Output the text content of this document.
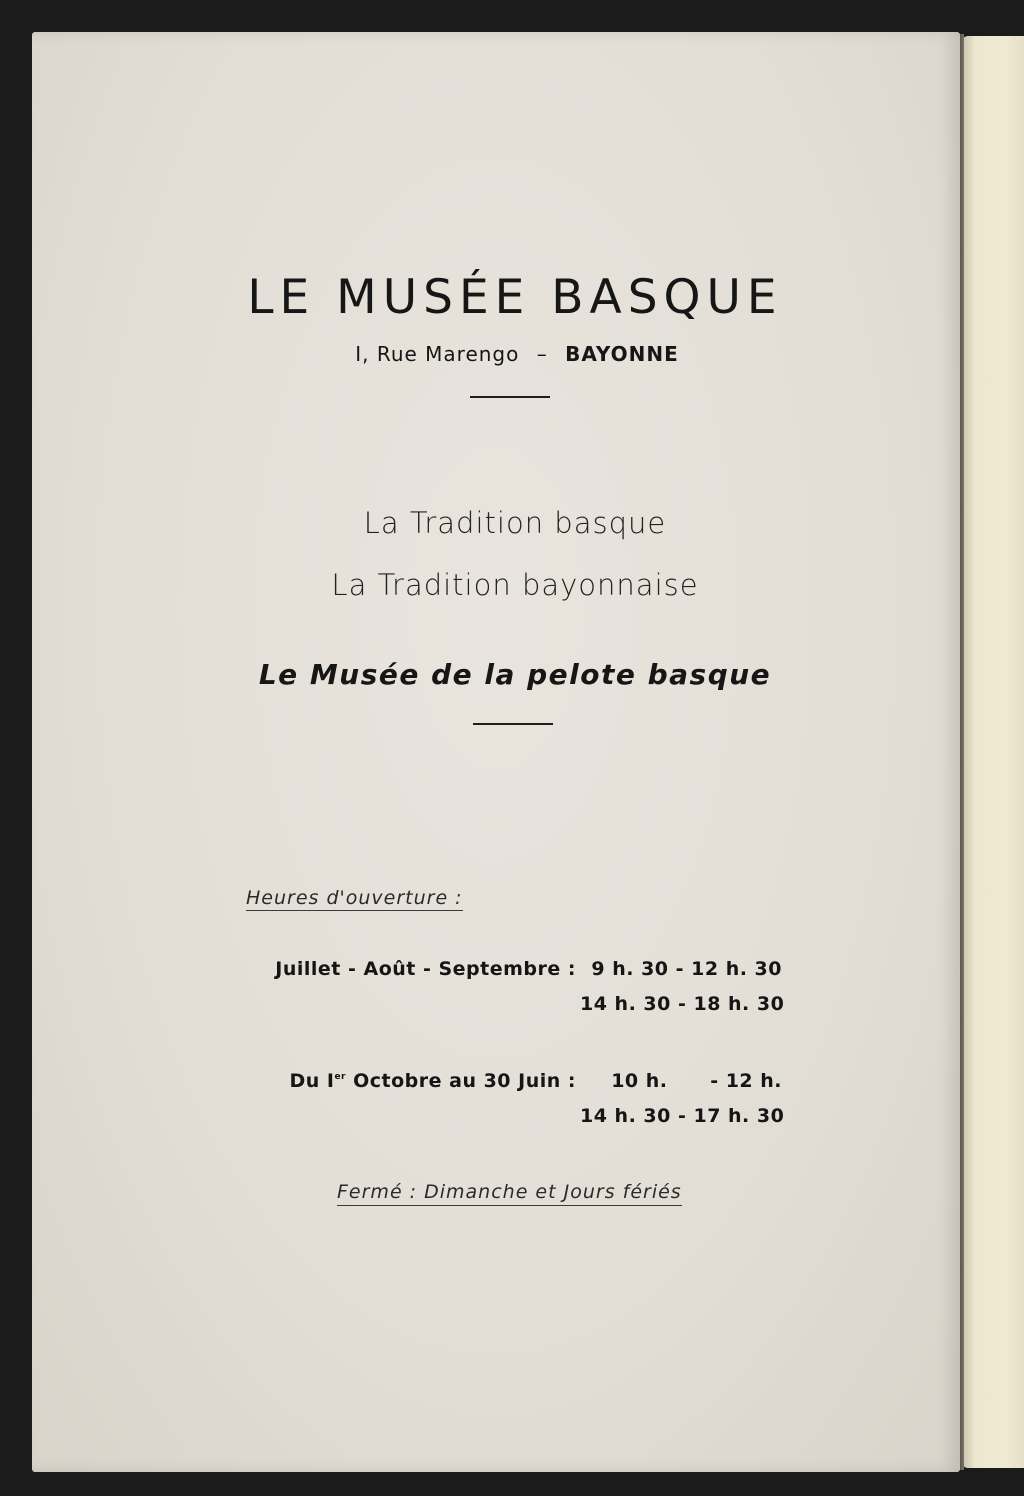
LE MUSÉE BASQUE
I, Rue Marengo – BAYONNE
La Tradition basque
La Tradition bayonnaise
Le Musée de la pelote basque
Heures d'ouverture :
Juillet - Août - Septembre : 9 h. 30 - 12 h. 30
14 h. 30 - 18 h. 30
Du Ier Octobre au 30 Juin :	10 h.      - 12 h.
14 h. 30 - 17 h. 30
Fermé : Dimanche et Jours fériés
